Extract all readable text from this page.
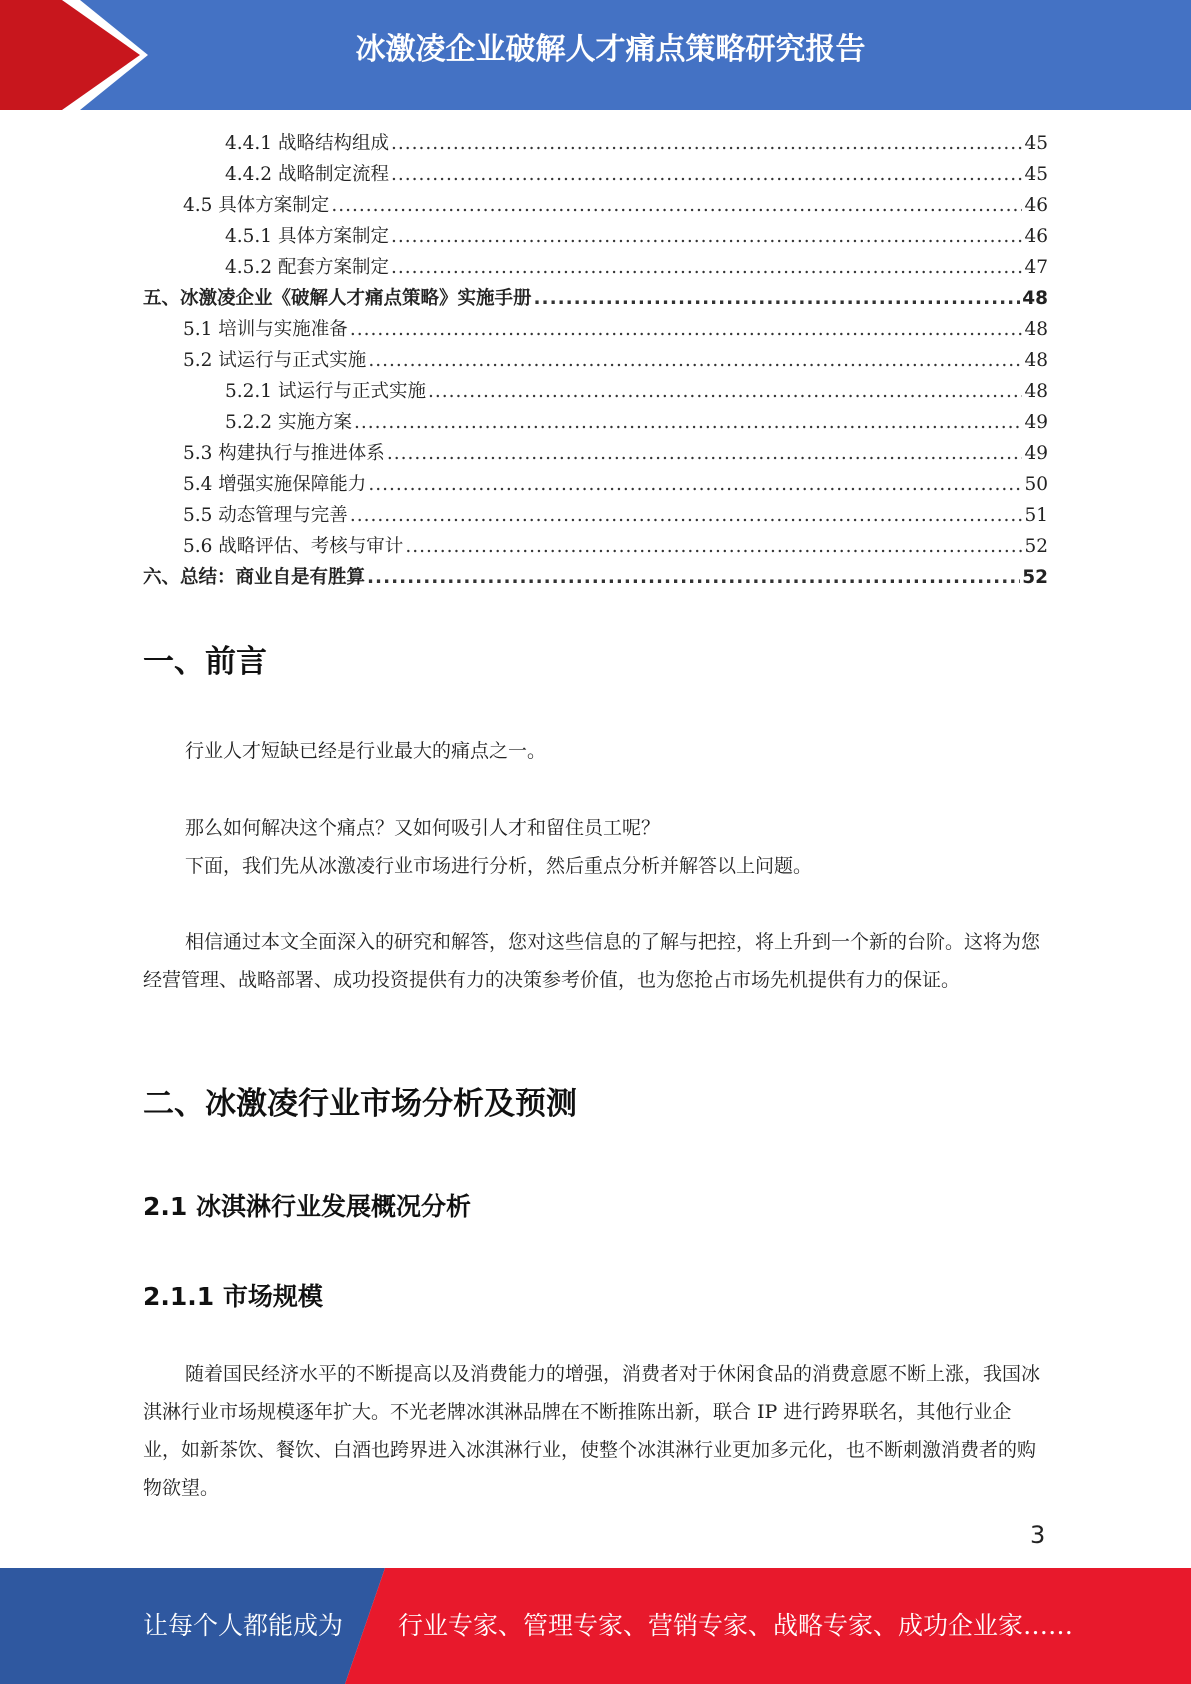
冰激凌企业破解人才痛点策略研究报告
4.4.1 战略结构组成 .....	45
4.4.2 战略制定流程 .....	45
4.5 具体方案制定 .....	46
4.5.1 具体方案制定 .....	46
4.5.2 配套方案制定 .....	47
五、冰激凌企业《破解人才痛点策略》实施手册 .....	48
5.1 培训与实施准备 .....	48
5.2 试运行与正式实施 .....	48
5.2.1 试运行与正式实施 .....	48
5.2.2 实施方案 .....	49
5.3 构建执行与推进体系 .....	49
5.4 增强实施保障能力 .....	50
5.5 动态管理与完善 .....	51
5.6 战略评估、考核与审计 .....	52
六、总结：商业自是有胜算 .....	52
一、前言
行业人才短缺已经是行业最大的痛点之一。
那么如何解决这个痛点？又如何吸引人才和留住员工呢？
下面，我们先从冰激凌行业市场进行分析，然后重点分析并解答以上问题。
相信通过本文全面深入的研究和解答，您对这些信息的了解与把控，将上升到一个新的台阶。这将为您经营管理、战略部署、成功投资提供有力的决策参考价值，也为您抢占市场先机提供有力的保证。
二、冰激凌行业市场分析及预测
2.1 冰淇淋行业发展概况分析
2.1.1 市场规模
随着国民经济水平的不断提高以及消费能力的增强，消费者对于休闲食品的消费意愿不断上涨，我国冰淇淋行业市场规模逐年扩大。不光老牌冰淇淋品牌在不断推陈出新，联合 IP 进行跨界联名，其他行业企业，如新茶饮、餐饮、白酒也跨界进入冰淇淋行业，使整个冰淇淋行业更加多元化，也不断刺激消费者的购物欲望。
3
让每个人都能成为 行业专家、管理专家、营销专家、战略专家、成功企业家……
